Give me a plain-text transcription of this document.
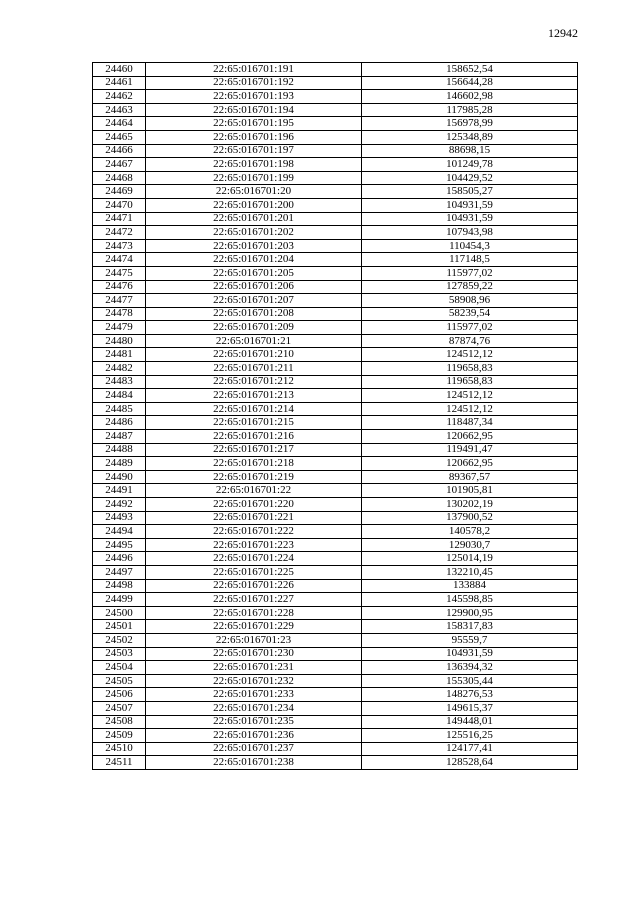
12942
24460	22:65:016701:191	158652,54
24461	22:65:016701:192	156644,28
24462	22:65:016701:193	146602,98
24463	22:65:016701:194	117985,28
24464	22:65:016701:195	156978,99
24465	22:65:016701:196	125348,89
24466	22:65:016701:197	88698,15
24467	22:65:016701:198	101249,78
24468	22:65:016701:199	104429,52
24469	22:65:016701:20	158505,27
24470	22:65:016701:200	104931,59
24471	22:65:016701:201	104931,59
24472	22:65:016701:202	107943,98
24473	22:65:016701:203	110454,3
24474	22:65:016701:204	117148,5
24475	22:65:016701:205	115977,02
24476	22:65:016701:206	127859,22
24477	22:65:016701:207	58908,96
24478	22:65:016701:208	58239,54
24479	22:65:016701:209	115977,02
24480	22:65:016701:21	87874,76
24481	22:65:016701:210	124512,12
24482	22:65:016701:211	119658,83
24483	22:65:016701:212	119658,83
24484	22:65:016701:213	124512,12
24485	22:65:016701:214	124512,12
24486	22:65:016701:215	118487,34
24487	22:65:016701:216	120662,95
24488	22:65:016701:217	119491,47
24489	22:65:016701:218	120662,95
24490	22:65:016701:219	89367,57
24491	22:65:016701:22	101905,81
24492	22:65:016701:220	130202,19
24493	22:65:016701:221	137900,52
24494	22:65:016701:222	140578,2
24495	22:65:016701:223	129030,7
24496	22:65:016701:224	125014,19
24497	22:65:016701:225	132210,45
24498	22:65:016701:226	133884
24499	22:65:016701:227	145598,85
24500	22:65:016701:228	129900,95
24501	22:65:016701:229	158317,83
24502	22:65:016701:23	95559,7
24503	22:65:016701:230	104931,59
24504	22:65:016701:231	136394,32
24505	22:65:016701:232	155305,44
24506	22:65:016701:233	148276,53
24507	22:65:016701:234	149615,37
24508	22:65:016701:235	149448,01
24509	22:65:016701:236	125516,25
24510	22:65:016701:237	124177,41
24511	22:65:016701:238	128528,64
